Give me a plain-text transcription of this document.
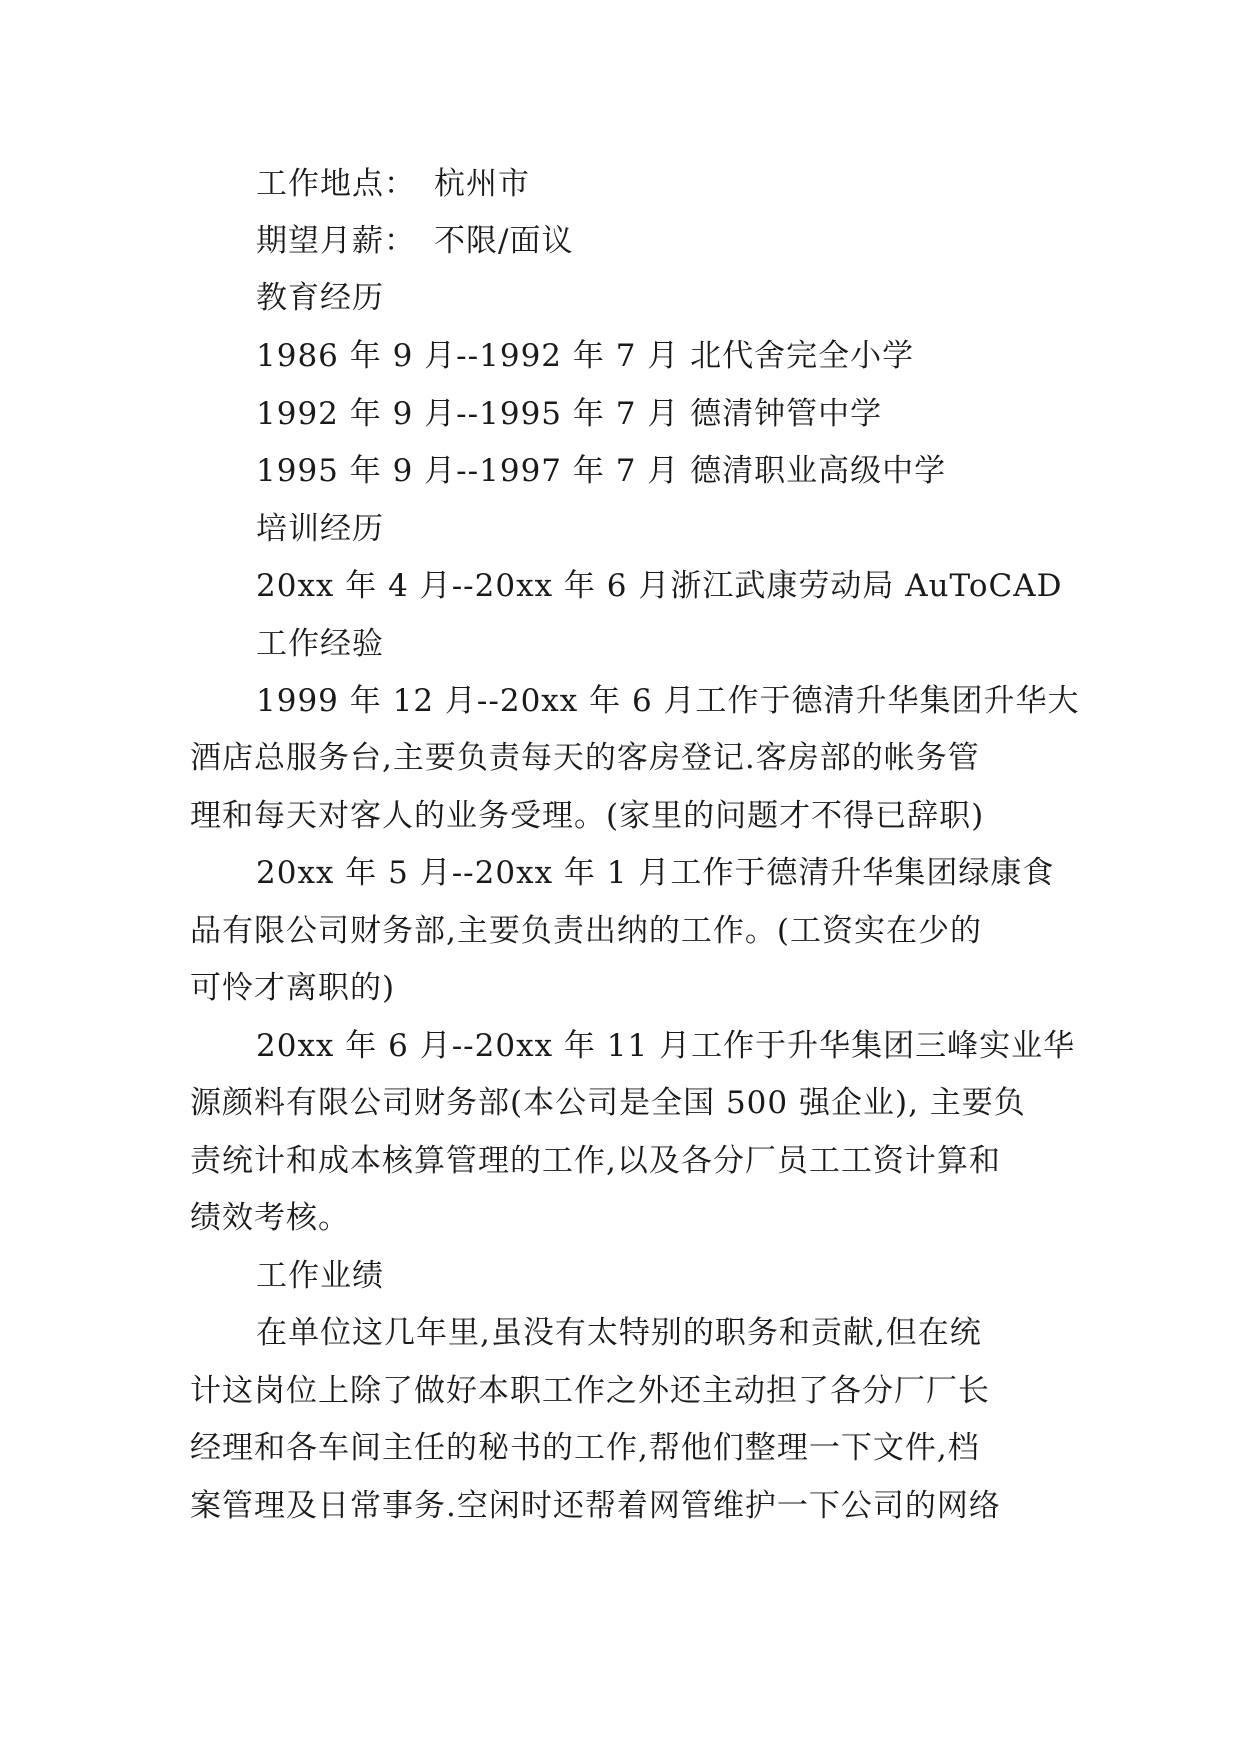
工作地点： 杭州市
期望月薪： 不限/面议
教育经历
1986 年 9 月--1992 年 7 月 北代舍完全小学
1992 年 9 月--1995 年 7 月 德清钟管中学
1995 年 9 月--1997 年 7 月 德清职业高级中学
培训经历
20xx 年 4 月--20xx 年 6 月浙江武康劳动局 AuToCAD
工作经验
1999 年 12 月--20xx 年 6 月工作于德清升华集团升华大
酒店总服务台,主要负责每天的客房登记.客房部的帐务管
理和每天对客人的业务受理。(家里的问题才不得已辞职)
20xx 年 5 月--20xx 年 1 月工作于德清升华集团绿康食
品有限公司财务部,主要负责出纳的工作。(工资实在少的
可怜才离职的)
20xx 年 6 月--20xx 年 11 月工作于升华集团三峰实业华
源颜料有限公司财务部(本公司是全国 500 强企业), 主要负
责统计和成本核算管理的工作,以及各分厂员工工资计算和
绩效考核。
工作业绩
在单位这几年里,虽没有太特别的职务和贡献,但在统
计这岗位上除了做好本职工作之外还主动担了各分厂厂长
经理和各车间主任的秘书的工作,帮他们整理一下文件,档
案管理及日常事务.空闲时还帮着网管维护一下公司的网络
